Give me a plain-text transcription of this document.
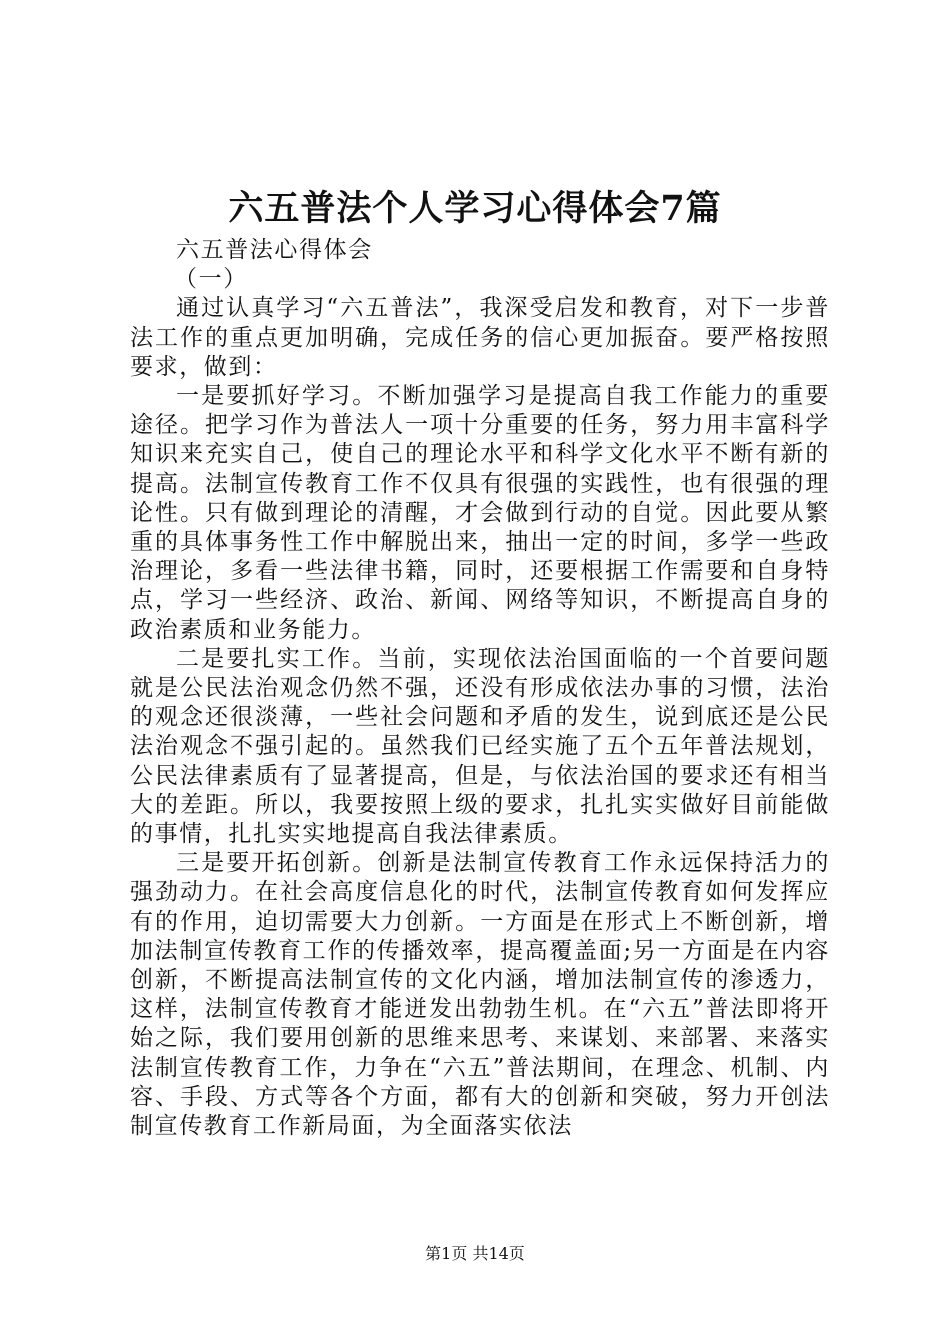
六五普法个人学习心得体会7篇

六五普法心得体会

（一）

通过认真学习“六五普法”，我深受启发和教育，对下一步普法工作的重点更加明确，完成任务的信心更加振奋。要严格按照要求，做到：

一是要抓好学习。不断加强学习是提高自我工作能力的重要途径。把学习作为普法人一项十分重要的任务，努力用丰富科学知识来充实自己，使自己的理论水平和科学文化水平不断有新的提高。法制宣传教育工作不仅具有很强的实践性，也有很强的理论性。只有做到理论的清醒，才会做到行动的自觉。因此要从繁重的具体事务性工作中解脱出来，抽出一定的时间，多学一些政治理论，多看一些法律书籍，同时，还要根据工作需要和自身特点，学习一些经济、政治、新闻、网络等知识，不断提高自身的政治素质和业务能力。

二是要扎实工作。当前，实现依法治国面临的一个首要问题就是公民法治观念仍然不强，还没有形成依法办事的习惯，法治的观念还很淡薄，一些社会问题和矛盾的发生，说到底还是公民法治观念不强引起的。虽然我们已经实施了五个五年普法规划，公民法律素质有了显著提高，但是，与依法治国的要求还有相当大的差距。所以，我要按照上级的要求，扎扎实实做好目前能做的事情，扎扎实实地提高自我法律素质。

三是要开拓创新。创新是法制宣传教育工作永远保持活力的强劲动力。在社会高度信息化的时代，法制宣传教育如何发挥应有的作用，迫切需要大力创新。一方面是在形式上不断创新，增加法制宣传教育工作的传播效率，提高覆盖面;另一方面是在内容创新，不断提高法制宣传的文化内涵，增加法制宣传的渗透力，这样，法制宣传教育才能迸发出勃勃生机。在“六五”普法即将开始之际，我们要用创新的思维来思考、来谋划、来部署、来落实法制宣传教育工作，力争在“六五”普法期间，在理念、机制、内容、手段、方式等各个方面，都有大的创新和突破，努力开创法制宣传教育工作新局面，为全面落实依法

第1页 共14页
